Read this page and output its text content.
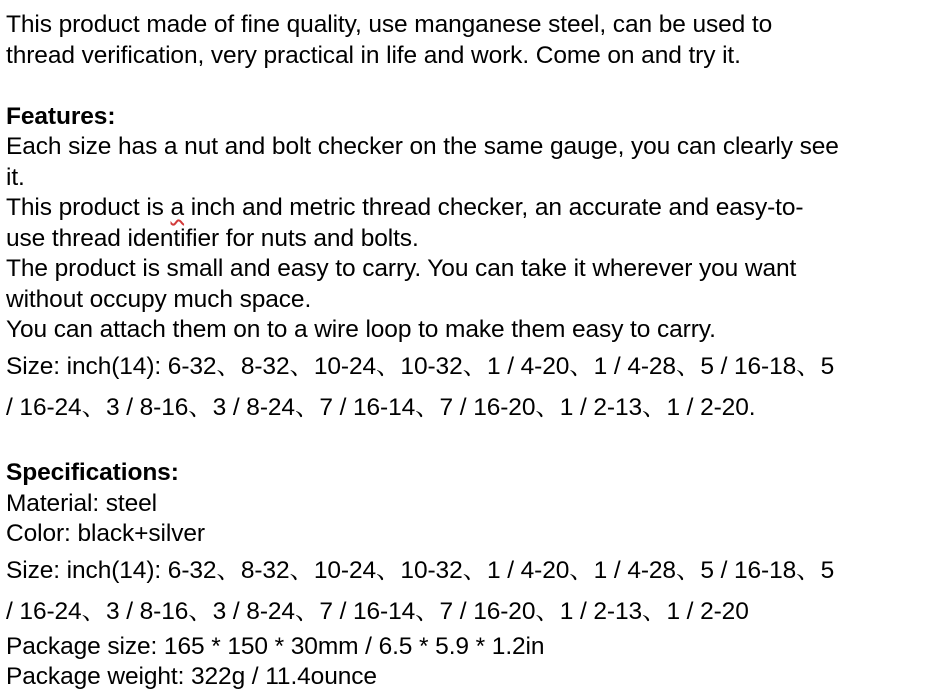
This product made of fine quality, use manganese steel, can be used to
thread verification, very practical in life and work. Come on and try it.
Features:
Each size has a nut and bolt checker on the same gauge, you can clearly see
it.
This product is a inch and metric thread checker, an accurate and easy-to-
use thread identifier for nuts and bolts.
The product is small and easy to carry. You can take it wherever you want
without occupy much space.
You can attach them on to a wire loop to make them easy to carry.
Size: inch(14): 6-32、8-32、10-24、10-32、1 / 4-20、1 / 4-28、5 / 16-18、5
/ 16-24、3 / 8-16、3 / 8-24、7 / 16-14、7 / 16-20、1 / 2-13、1 / 2-20.
Specifications:
Material: steel
Color: black+silver
Size: inch(14): 6-32、8-32、10-24、10-32、1 / 4-20、1 / 4-28、5 / 16-18、5
/ 16-24、3 / 8-16、3 / 8-24、7 / 16-14、7 / 16-20、1 / 2-13、1 / 2-20
Package size: 165 * 150 * 30mm / 6.5 * 5.9 * 1.2in
Package weight: 322g / 11.4ounce
